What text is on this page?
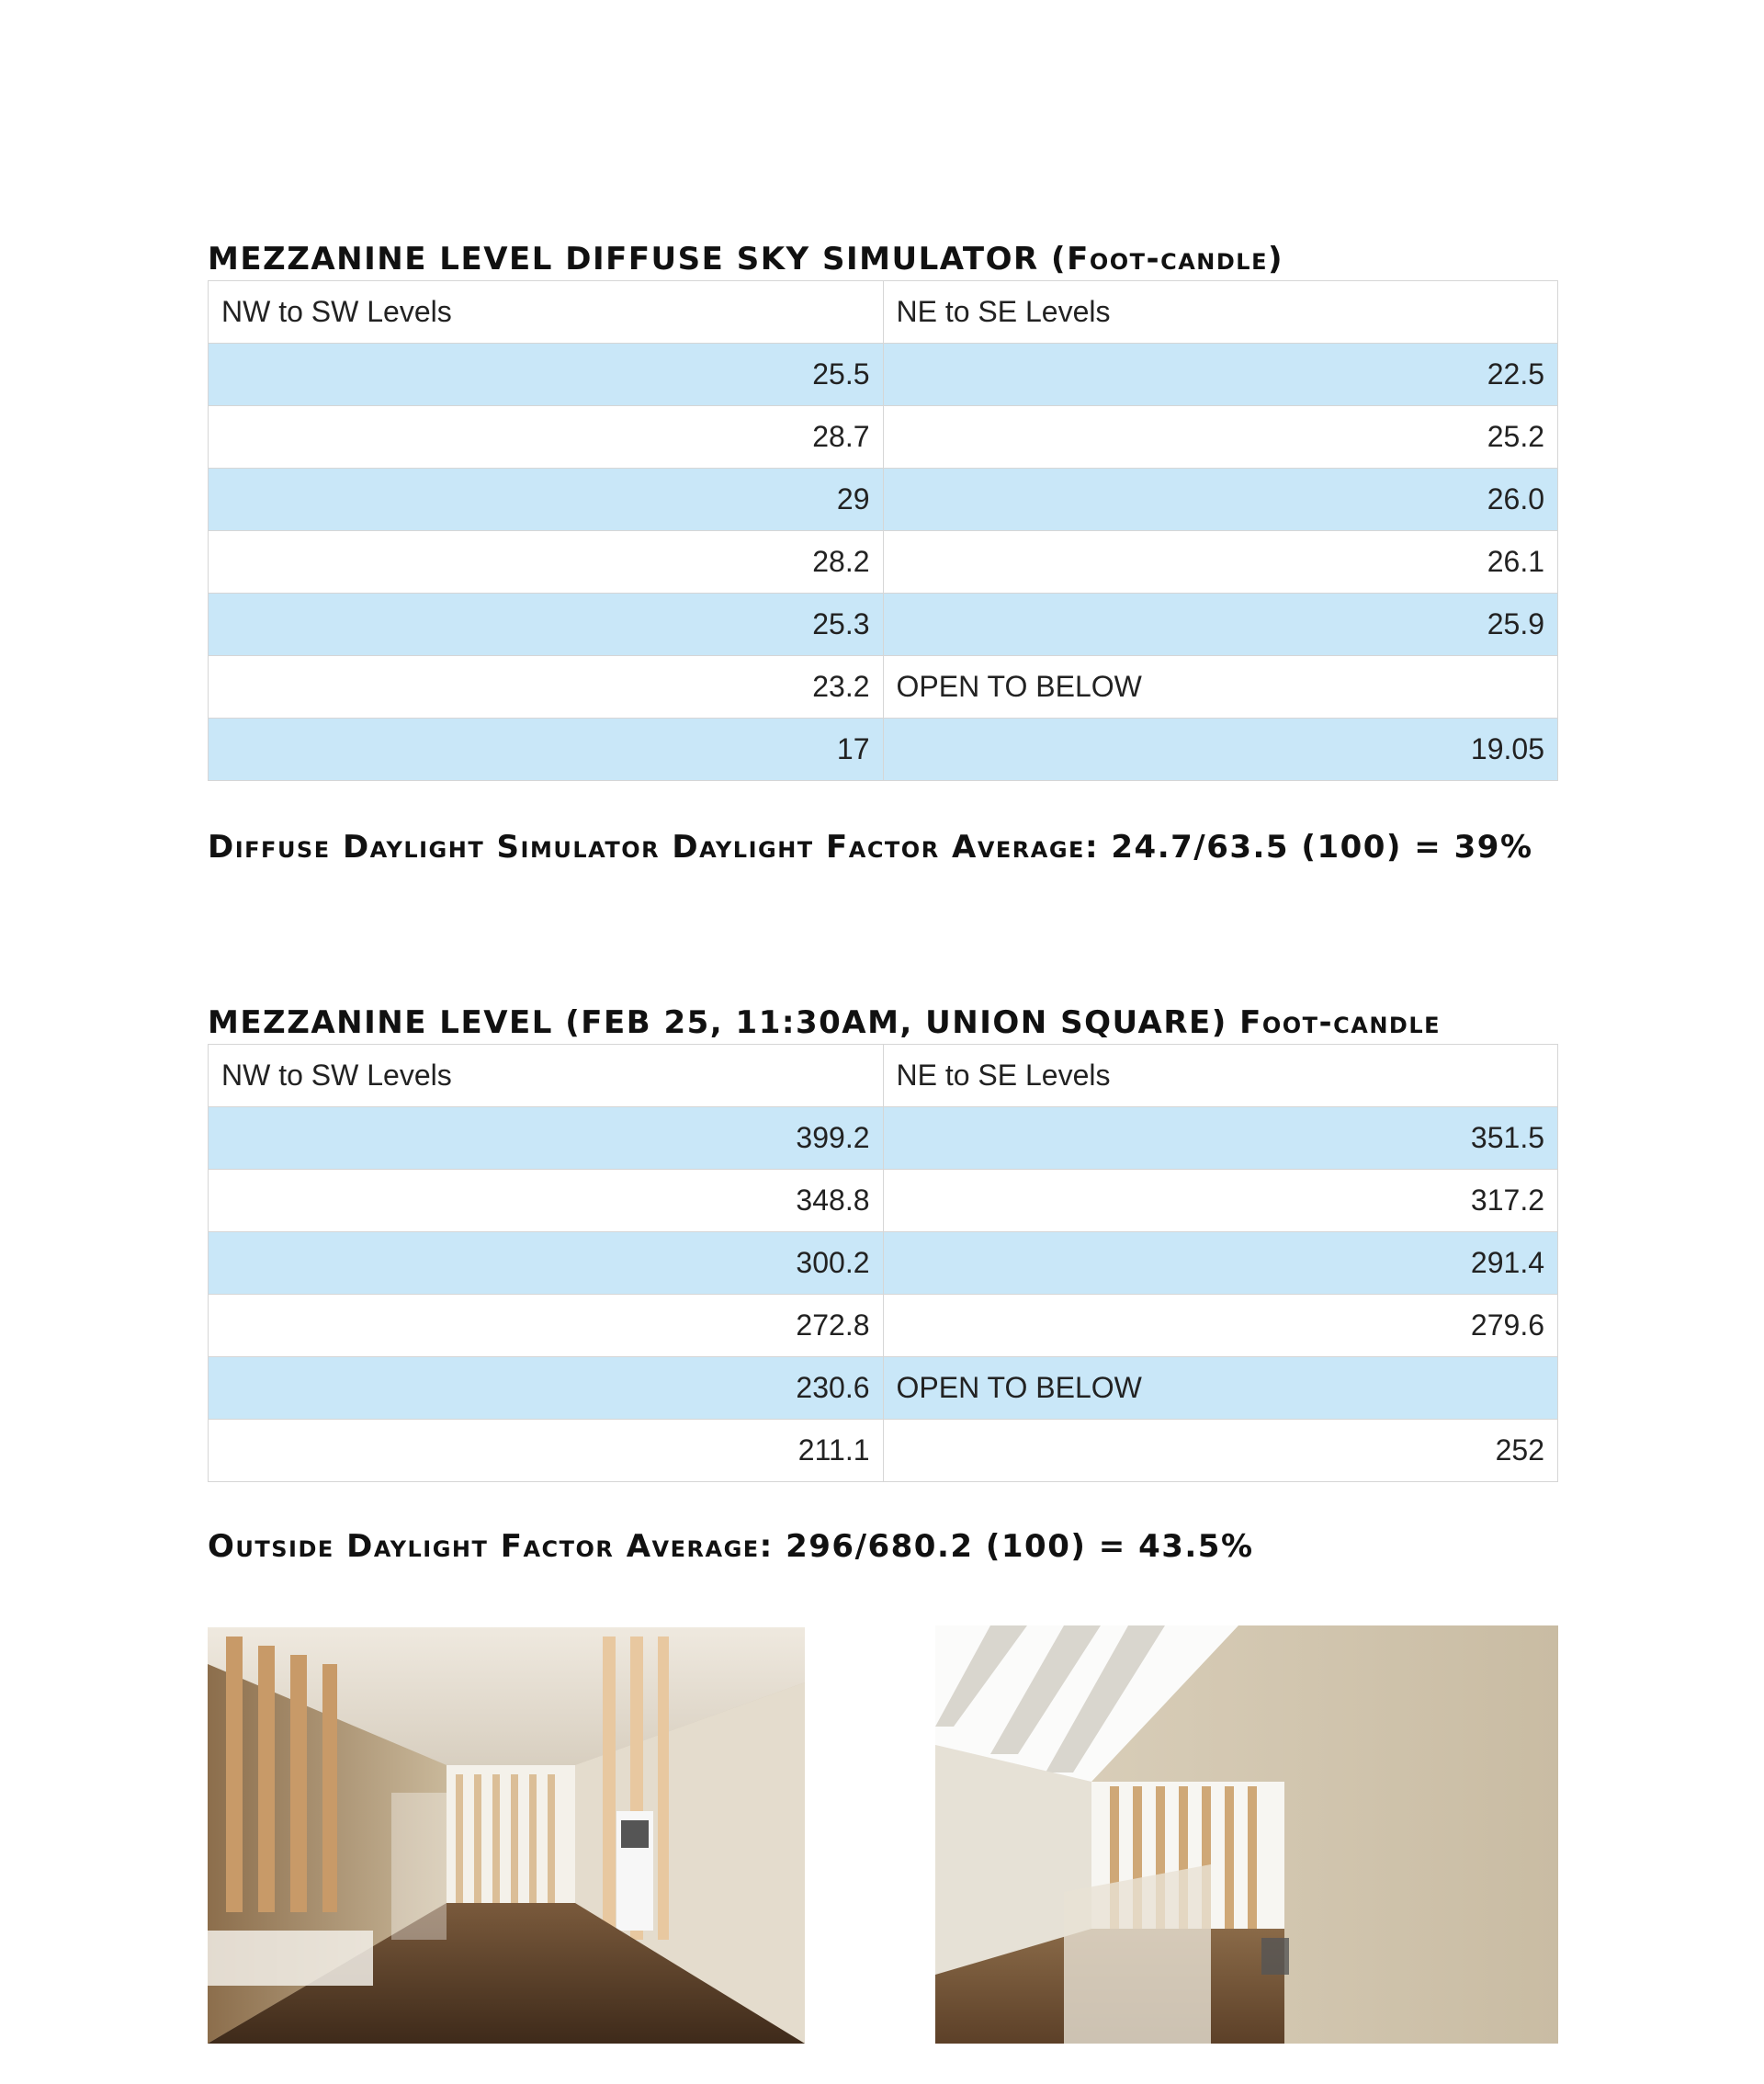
MEZZANINE LEVEL DIFFUSE SKY SIMULATOR (Foot-candle)
NW to SW Levels	NE to SE Levels
25.5	22.5
28.7	25.2
29	26.0
28.2	26.1
25.3	25.9
23.2	OPEN TO BELOW
17	19.05
Diffuse Daylight Simulator Daylight Factor Average: 24.7/63.5 (100) = 39%
MEZZANINE LEVEL (FEB 25, 11:30AM, UNION SQUARE) Foot-candle
NW to SW Levels	NE to SE Levels
399.2	351.5
348.8	317.2
300.2	291.4
272.8	279.6
230.6	OPEN TO BELOW
211.1	252
Outside Daylight Factor Average: 296/680.2 (100) = 43.5%
